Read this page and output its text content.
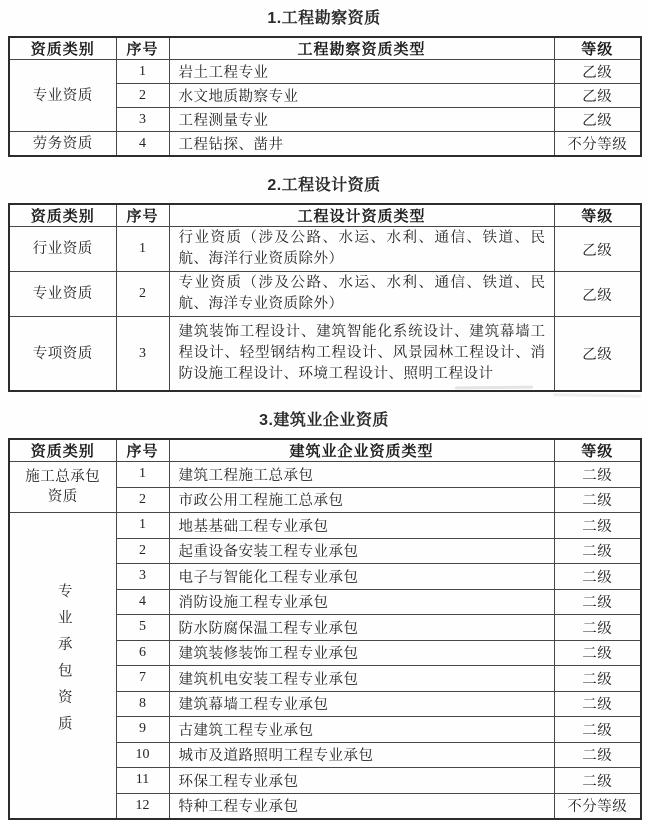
1.工程勘察资质
资质类别	序号	工程勘察资质类型	等级
专业资质	1	岩土工程专业	乙级
	2	水文地质勘察专业	乙级
	3	工程测量专业	乙级
劳务资质	4	工程钻探、凿井	不分等级
2.工程设计资质
资质类别	序号	工程设计资质类型	等级
行业资质	1	行业资质（涉及公路、水运、水利、通信、铁道、民航、海洋行业资质除外）	乙级
专业资质	2	专业资质（涉及公路、水运、水利、通信、铁道、民航、海洋专业资质除外）	乙级
专项资质	3	建筑装饰工程设计、建筑智能化系统设计、建筑幕墙工程设计、轻型钢结构工程设计、风景园林工程设计、消防设施工程设计、环境工程设计、照明工程设计	乙级
3.建筑业企业资质
资质类别	序号	建筑业企业资质类型	等级
施工总承包资质	1	建筑工程施工总承包	二级
	2	市政公用工程施工总承包	二级
专业承包资质	1	地基基础工程专业承包	二级
	2	起重设备安装工程专业承包	二级
	3	电子与智能化工程专业承包	二级
	4	消防设施工程专业承包	二级
	5	防水防腐保温工程专业承包	二级
	6	建筑装修装饰工程专业承包	二级
	7	建筑机电安装工程专业承包	二级
	8	建筑幕墙工程专业承包	二级
	9	古建筑工程专业承包	二级
	10	城市及道路照明工程专业承包	二级
	11	环保工程专业承包	二级
	12	特种工程专业承包	不分等级
